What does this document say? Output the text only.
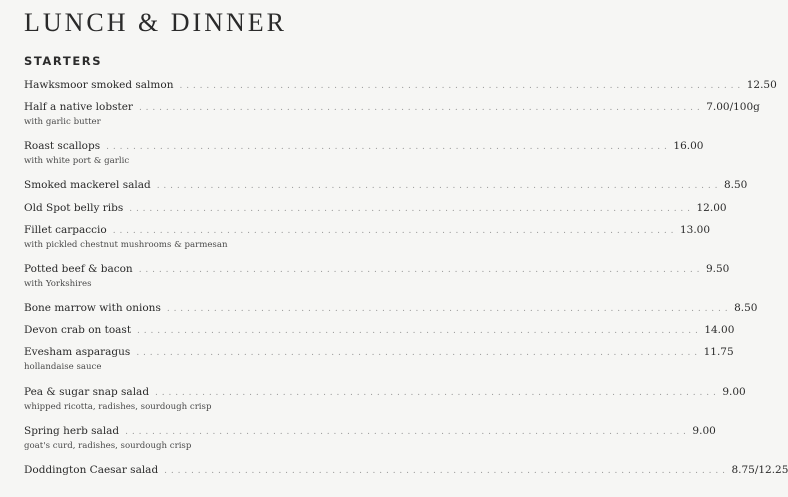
LUNCH & DINNER
STARTERS
Hawksmoor smoked salmon . . . . . . . . . . . . . . . . . . . . . . . . . . . . . . . . . . . . . . . . . . . . . . . . . . . . . . . . . . . . . . . . . . . . . . . . . . . . . . . . . . . . 12.50
Half a native lobster . . . . . . . . . . . . . . . . . . . . . . . . . . . . . . . . . . . . . . . . . . . . . . . . . . . . . . . . . . . . . . . . . . . . . . . . . . . . . . . . . . . . 7.00/100g
with garlic butter
Roast scallops . . . . . . . . . . . . . . . . . . . . . . . . . . . . . . . . . . . . . . . . . . . . . . . . . . . . . . . . . . . . . . . . . . . . . . . . . . . . . . . . . . . . 16.00
with white port & garlic
Smoked mackerel salad . . . . . . . . . . . . . . . . . . . . . . . . . . . . . . . . . . . . . . . . . . . . . . . . . . . . . . . . . . . . . . . . . . . . . . . . . . . . . . . . . . . . 8.50
Old Spot belly ribs . . . . . . . . . . . . . . . . . . . . . . . . . . . . . . . . . . . . . . . . . . . . . . . . . . . . . . . . . . . . . . . . . . . . . . . . . . . . . . . . . . . . 12.00
Fillet carpaccio . . . . . . . . . . . . . . . . . . . . . . . . . . . . . . . . . . . . . . . . . . . . . . . . . . . . . . . . . . . . . . . . . . . . . . . . . . . . . . . . . . . . 13.00
with pickled chestnut mushrooms & parmesan
Potted beef & bacon . . . . . . . . . . . . . . . . . . . . . . . . . . . . . . . . . . . . . . . . . . . . . . . . . . . . . . . . . . . . . . . . . . . . . . . . . . . . . . . . . . . . 9.50
with Yorkshires
Bone marrow with onions . . . . . . . . . . . . . . . . . . . . . . . . . . . . . . . . . . . . . . . . . . . . . . . . . . . . . . . . . . . . . . . . . . . . . . . . . . . . . . . . . . . . 8.50
Devon crab on toast . . . . . . . . . . . . . . . . . . . . . . . . . . . . . . . . . . . . . . . . . . . . . . . . . . . . . . . . . . . . . . . . . . . . . . . . . . . . . . . . . . . . 14.00
Evesham asparagus . . . . . . . . . . . . . . . . . . . . . . . . . . . . . . . . . . . . . . . . . . . . . . . . . . . . . . . . . . . . . . . . . . . . . . . . . . . . . . . . . . . . 11.75
hollandaise sauce
Pea & sugar snap salad . . . . . . . . . . . . . . . . . . . . . . . . . . . . . . . . . . . . . . . . . . . . . . . . . . . . . . . . . . . . . . . . . . . . . . . . . . . . . . . . . . . . 9.00
whipped ricotta, radishes, sourdough crisp
Spring herb salad . . . . . . . . . . . . . . . . . . . . . . . . . . . . . . . . . . . . . . . . . . . . . . . . . . . . . . . . . . . . . . . . . . . . . . . . . . . . . . . . . . . . 9.00
goat's curd, radishes, sourdough crisp
Doddington Caesar salad . . . . . . . . . . . . . . . . . . . . . . . . . . . . . . . . . . . . . . . . . . . . . . . . . . . . . . . . . . . . . . . . . . . . . . . . . . . . . . . . . . . . 8.75/12.25
